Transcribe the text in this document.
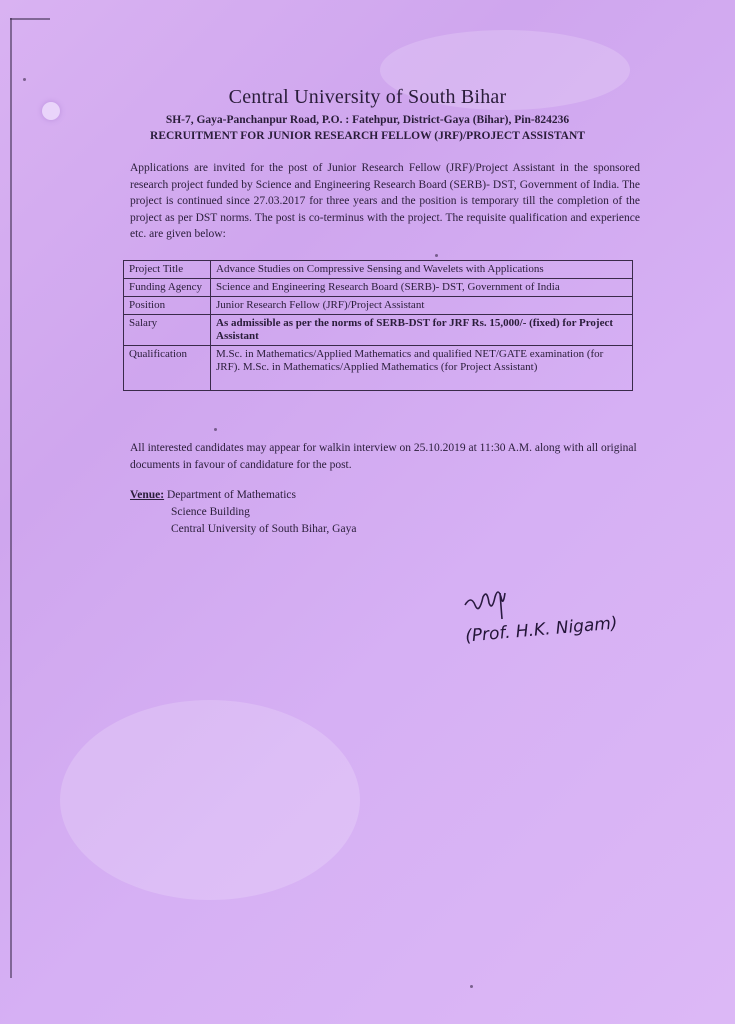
Central University of South Bihar
SH-7, Gaya-Panchanpur Road, P.O. : Fatehpur, District-Gaya (Bihar), Pin-824236
RECRUITMENT FOR JUNIOR RESEARCH FELLOW (JRF)/PROJECT ASSISTANT
Applications are invited for the post of Junior Research Fellow (JRF)/Project Assistant in the sponsored research project funded by Science and Engineering Research Board (SERB)- DST, Government of India. The project is continued since 27.03.2017 for three years and the position is temporary till the completion of the project as per DST norms. The post is co-terminus with the project. The requisite qualification and experience etc. are given below:
Project Title	Advance Studies on Compressive Sensing and Wavelets with Applications
Funding Agency	Science and Engineering Research Board (SERB)- DST, Government of India
Position	Junior Research Fellow (JRF)/Project Assistant
Salary	As admissible as per the norms of SERB-DST for JRF Rs. 15,000/- (fixed) for Project Assistant
Qualification	M.Sc. in Mathematics/Applied Mathematics and qualified NET/GATE examination (for JRF). M.Sc. in Mathematics/Applied Mathematics (for Project Assistant)
All interested candidates may appear for walkin interview on 25.10.2019 at 11:30 A.M. along with all original documents in favour of candidature for the post.
Venue: Department of Mathematics
Science Building
Central University of South Bihar, Gaya
(Prof. H.K. Nigam)
